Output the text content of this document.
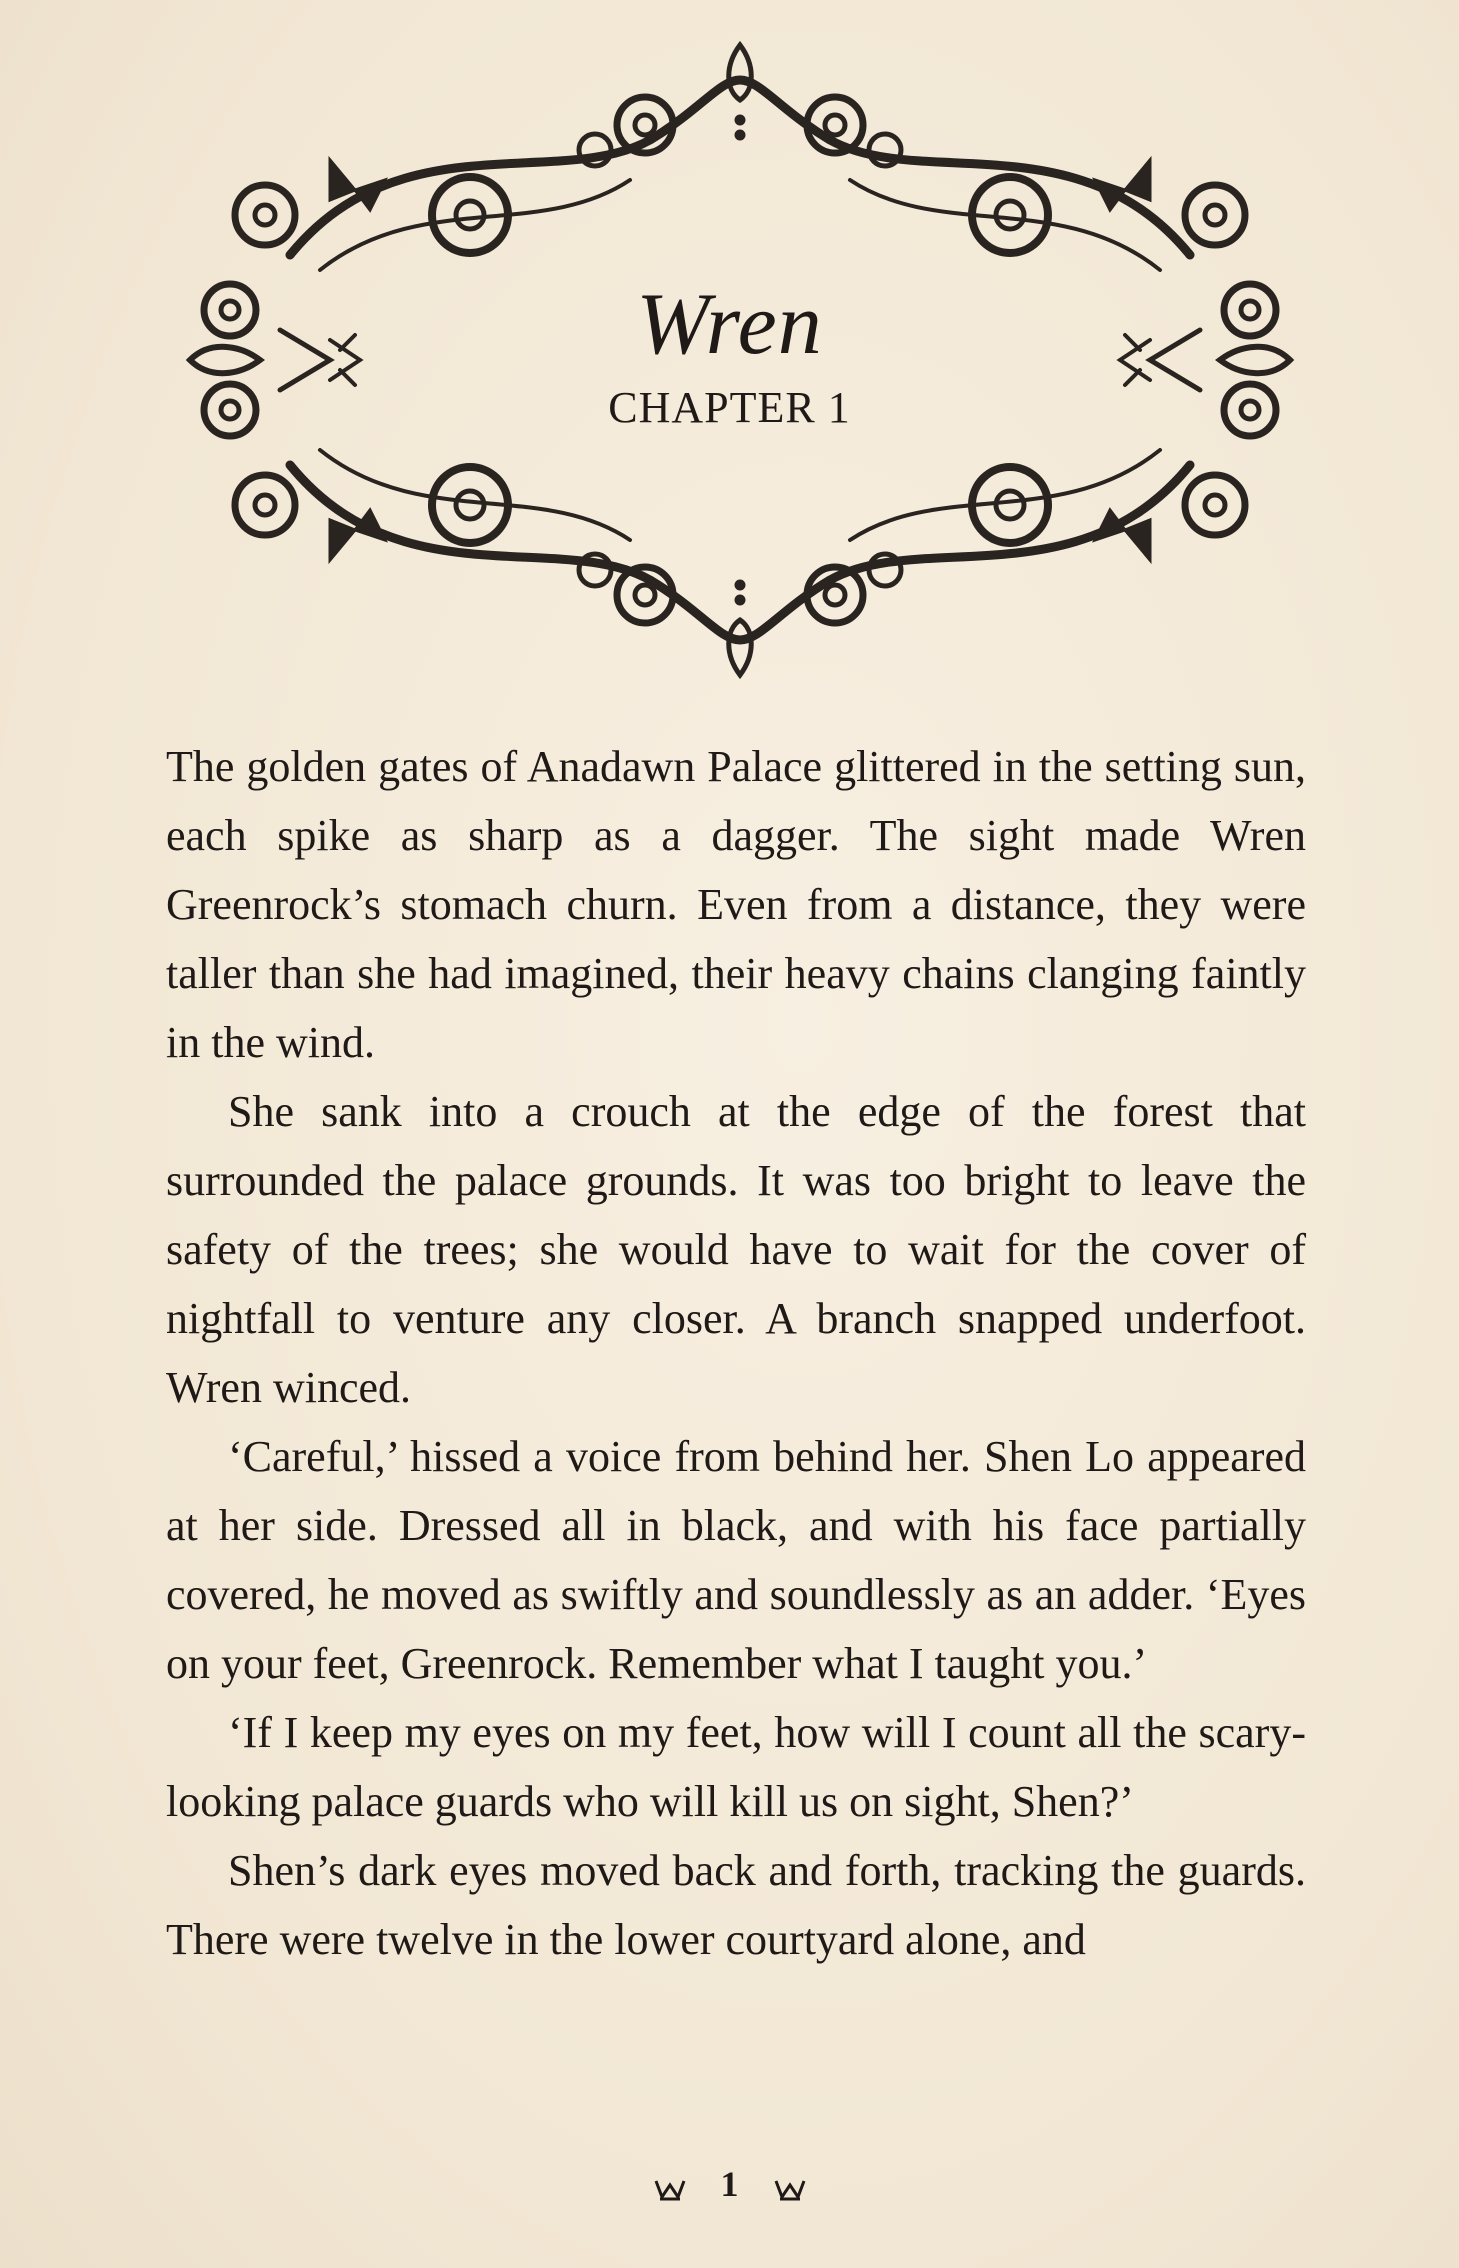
Wren
CHAPTER 1

The golden gates of Anadawn Palace glittered in the setting sun, each spike as sharp as a dagger. The sight made Wren Greenrock’s stomach churn. Even from a distance, they were taller than she had imagined, their heavy chains clanging faintly in the wind.

She sank into a crouch at the edge of the forest that surrounded the palace grounds. It was too bright to leave the safety of the trees; she would have to wait for the cover of nightfall to venture any closer. A branch snapped underfoot. Wren winced.

‘Careful,’ hissed a voice from behind her. Shen Lo appeared at her side. Dressed all in black, and with his face partially covered, he moved as swiftly and soundlessly as an adder. ‘Eyes on your feet, Greenrock. Remember what I taught you.’

‘If I keep my eyes on my feet, how will I count all the scary-looking palace guards who will kill us on sight, Shen?’

Shen’s dark eyes moved back and forth, tracking the guards. There were twelve in the lower courtyard alone, and

1
